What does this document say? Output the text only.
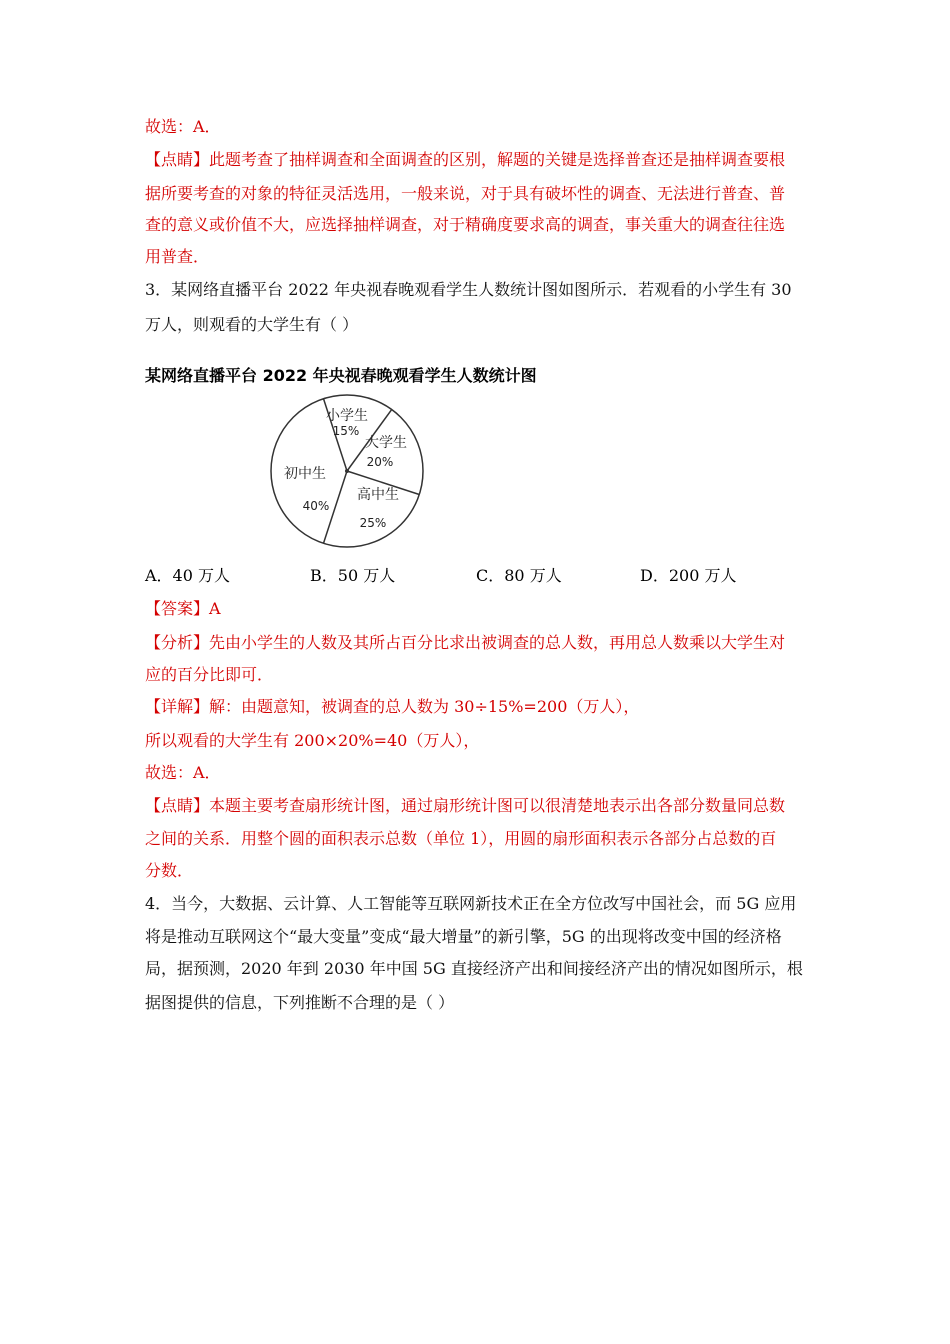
故选：A．
【点睛】此题考查了抽样调查和全面调查的区别，解题的关键是选择普查还是抽样调查要根
据所要考查的对象的特征灵活选用，一般来说，对于具有破坏性的调查、无法进行普查、普
查的意义或价值不大，应选择抽样调查，对于精确度要求高的调查，事关重大的调查往往选
用普查．
3．某网络直播平台 2022 年央视春晚观看学生人数统计图如图所示．若观看的小学生有 30
万人，则观看的大学生有（ ）
某网络直播平台 2022 年央视春晚观看学生人数统计图
小学生
15%
大学生
20%
高中生
25%
初中生
40%
A．40 万人	B．50 万人	C．80 万人	D．200 万人
【答案】A
【分析】先由小学生的人数及其所占百分比求出被调查的总人数，再用总人数乘以大学生对
应的百分比即可．
【详解】解：由题意知，被调查的总人数为 30÷15%=200（万人），
所以观看的大学生有 200×20%=40（万人），
故选：A．
【点睛】本题主要考查扇形统计图，通过扇形统计图可以很清楚地表示出各部分数量同总数
之间的关系．用整个圆的面积表示总数（单位 1），用圆的扇形面积表示各部分占总数的百
分数．
4．当今，大数据、云计算、人工智能等互联网新技术正在全方位改写中国社会，而 5G 应用
将是推动互联网这个“最大变量”变成“最大增量”的新引擎，5G 的出现将改变中国的经济格
局，据预测，2020 年到 2030 年中国 5G 直接经济产出和间接经济产出的情况如图所示，根
据图提供的信息，下列推断不合理的是（ ）
